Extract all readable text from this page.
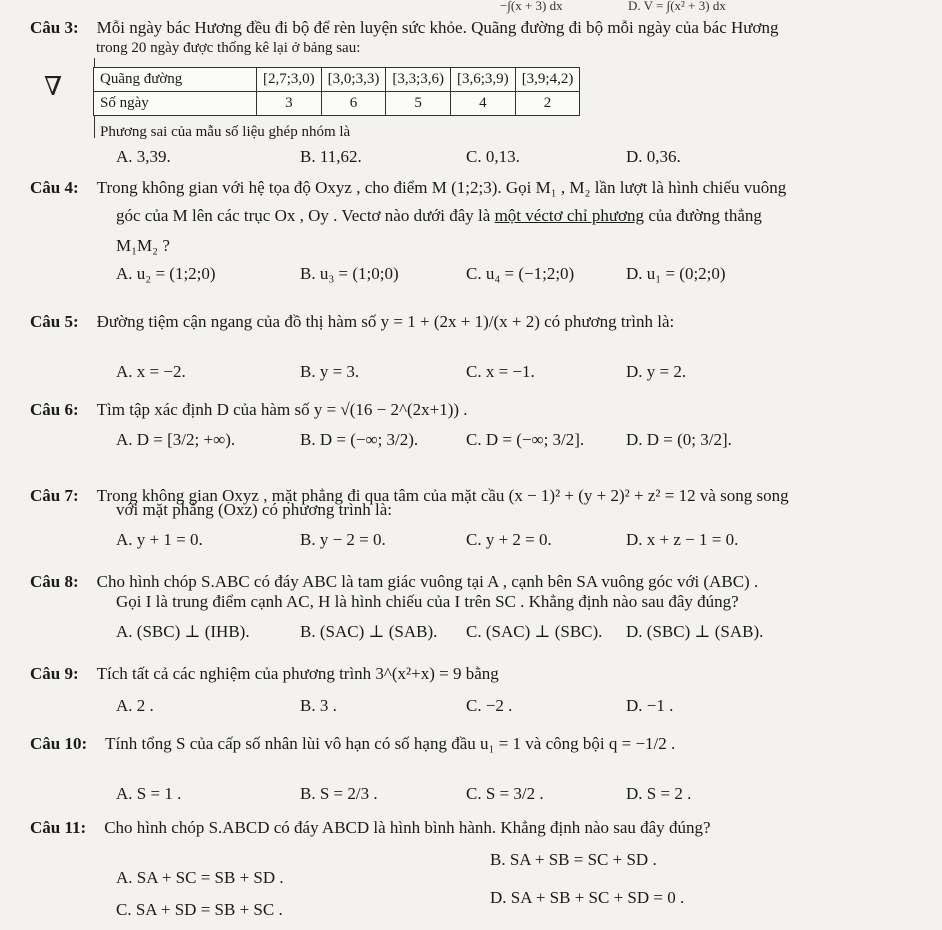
−∫(x + 3) dx	D. V = ∫(x² + 3) dx
Câu 3: Mỗi ngày bác Hương đều đi bộ để rèn luyện sức khỏe. Quãng đường đi bộ mỗi ngày của bác Hương
trong 20 ngày được thống kê lại ở bảng sau:
∇	Quãng đường	[2,7;3,0)	[3,0;3,3)	[3,3;3,6)	[3,6;3,9)	[3,9;4,2)
Số ngày	3	6	5	4	2
Phương sai của mẫu số liệu ghép nhóm là
A. 3,39.	B. 11,62.	C. 0,13.	D. 0,36.
Câu 4: Trong không gian với hệ tọa độ Oxyz , cho điểm M (1;2;3). Gọi M₁ , M₂ lần lượt là hình chiếu vuông
góc của M lên các trục Ox , Oy . Vectơ nào dưới đây là một véctơ chỉ phương của đường thẳng
M₁M₂ ?
A. u₂ = (1;2;0)	B. u₃ = (1;0;0)	C. u₄ = (−1;2;0)	D. u₁ = (0;2;0)
Câu 5: Đường tiệm cận ngang của đồ thị hàm số y = 1 + (2x + 1)/(x + 2) có phương trình là:
A. x = −2.	B. y = 3.	C. x = −1.	D. y = 2.
Câu 6: Tìm tập xác định D của hàm số y = √(16 − 2^(2x+1)) .
A. D = [3/2; +∞).	B. D = (−∞; 3/2).	C. D = (−∞; 3/2]. D. D = (0; 3/2].
Câu 7: Trong không gian Oxyz , mặt phẳng đi qua tâm của mặt cầu (x − 1)² + (y + 2)² + z² = 12 và song song
với mặt phẳng (Oxz) có phương trình là:
A. y + 1 = 0.	B. y − 2 = 0.	C. y + 2 = 0.	D. x + z − 1 = 0.
Câu 8: Cho hình chóp S.ABC có đáy ABC là tam giác vuông tại A , cạnh bên SA vuông góc với (ABC) .
Gọi I là trung điểm cạnh AC, H là hình chiếu của I trên SC . Khẳng định nào sau đây đúng?
A. (SBC) ⊥ (IHB).	B. (SAC) ⊥ (SAB). C. (SAC) ⊥ (SBC). D. (SBC) ⊥ (SAB).
Câu 9: Tích tất cả các nghiệm của phương trình 3^(x²+x) = 9 bằng
A. 2 .	B. 3 .	C. −2 .	D. −1 .
Câu 10: Tính tổng S của cấp số nhân lùi vô hạn có số hạng đầu u₁ = 1 và công bội q = −1/2 .
A. S = 1 .	B. S = 2/3 .	C. S = 3/2 .	D. S = 2 .
Câu 11: Cho hình chóp S.ABCD có đáy ABCD là hình bình hành. Khẳng định nào sau đây đúng?
A. SA + SC = SB + SD .
B. SA + SB = SC + SD .
C. SA + SD = SB + SC .
D. SA + SB + SC + SD = 0 .
